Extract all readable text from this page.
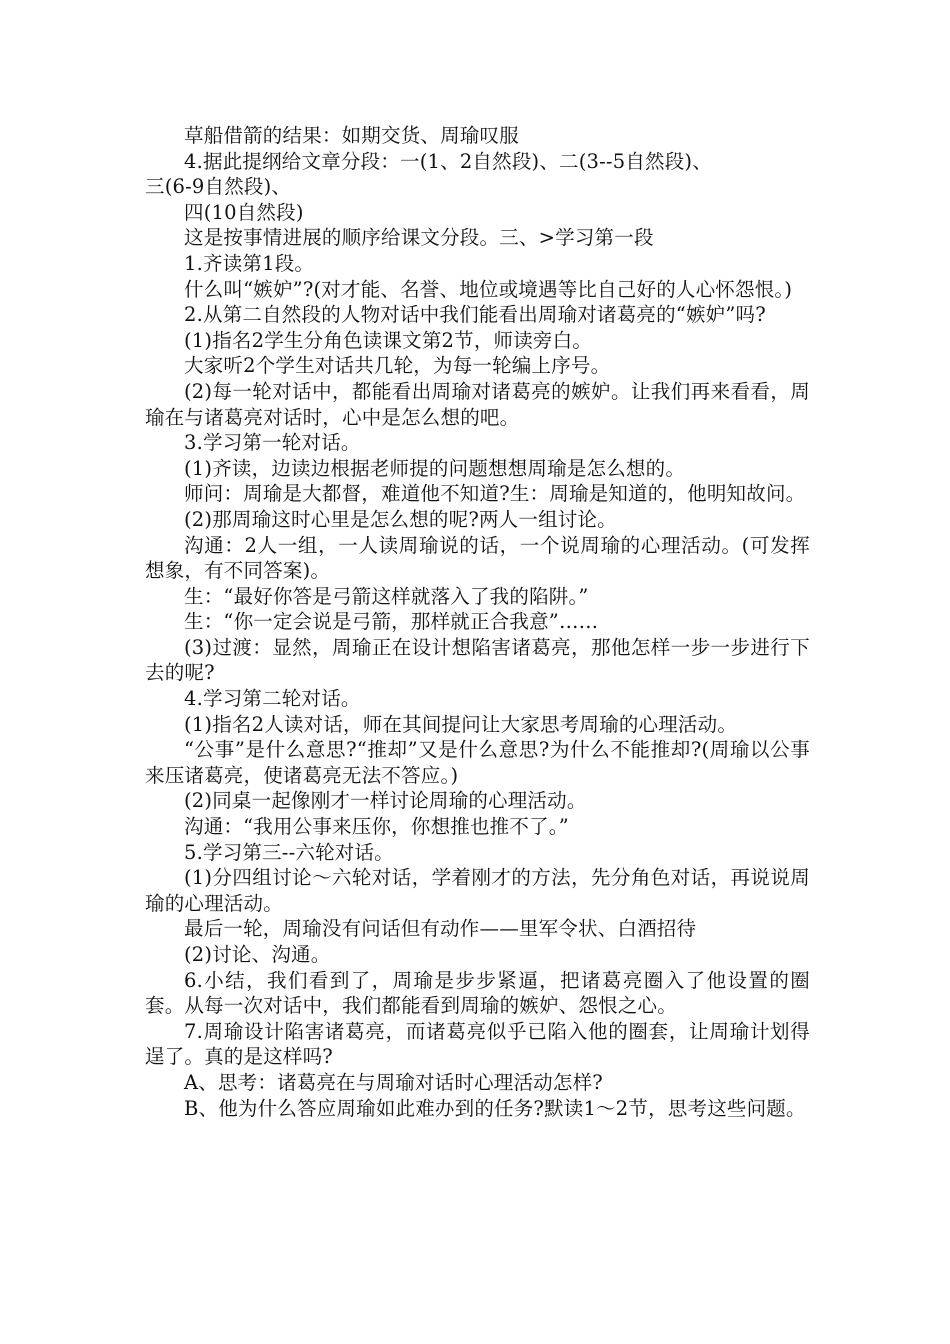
草船借箭的结果：如期交货、周瑜叹服

4.据此提纲给文章分段：一(1、2自然段)、二(3--5自然段)、

三(6-9自然段)、

四(10自然段)

这是按事情进展的顺序给课文分段。三、>学习第一段

1.齐读第1段。

什么叫“嫉妒”?(对才能、名誉、地位或境遇等比自己好的人心怀怨恨。)

2.从第二自然段的人物对话中我们能看出周瑜对诸葛亮的“嫉妒”吗?

(1)指名2学生分角色读课文第2节，师读旁白。

大家听2个学生对话共几轮，为每一轮编上序号。

(2)每一轮对话中，都能看出周瑜对诸葛亮的嫉妒。让我们再来看看，周瑜在与诸葛亮对话时，心中是怎么想的吧。

3.学习第一轮对话。

(1)齐读，边读边根据老师提的问题想想周瑜是怎么想的。

师问：周瑜是大都督，难道他不知道?生：周瑜是知道的，他明知故问。

(2)那周瑜这时心里是怎么想的呢?两人一组讨论。

沟通：2人一组，一人读周瑜说的话，一个说周瑜的心理活动。(可发挥想象，有不同答案)。

生：“最好你答是弓箭这样就落入了我的陷阱。”

生：“你一定会说是弓箭，那样就正合我意”……

(3)过渡：显然，周瑜正在设计想陷害诸葛亮，那他怎样一步一步进行下去的呢?

4.学习第二轮对话。

(1)指名2人读对话，师在其间提问让大家思考周瑜的心理活动。

“公事”是什么意思?“推却”又是什么意思?为什么不能推却?(周瑜以公事来压诸葛亮，使诸葛亮无法不答应。)

(2)同桌一起像刚才一样讨论周瑜的心理活动。

沟通：“我用公事来压你，你想推也推不了。”

5.学习第三--六轮对话。

(1)分四组讨论～六轮对话，学着刚才的方法，先分角色对话，再说说周瑜的心理活动。

最后一轮，周瑜没有问话但有动作——里军令状、白酒招待

(2)讨论、沟通。

6.小结，我们看到了，周瑜是步步紧逼，把诸葛亮圈入了他设置的圈套。从每一次对话中，我们都能看到周瑜的嫉妒、怨恨之心。

7.周瑜设计陷害诸葛亮，而诸葛亮似乎已陷入他的圈套，让周瑜计划得逞了。真的是这样吗?

A、思考：诸葛亮在与周瑜对话时心理活动怎样?

B、他为什么答应周瑜如此难办到的任务?默读1～2节，思考这些问题。
